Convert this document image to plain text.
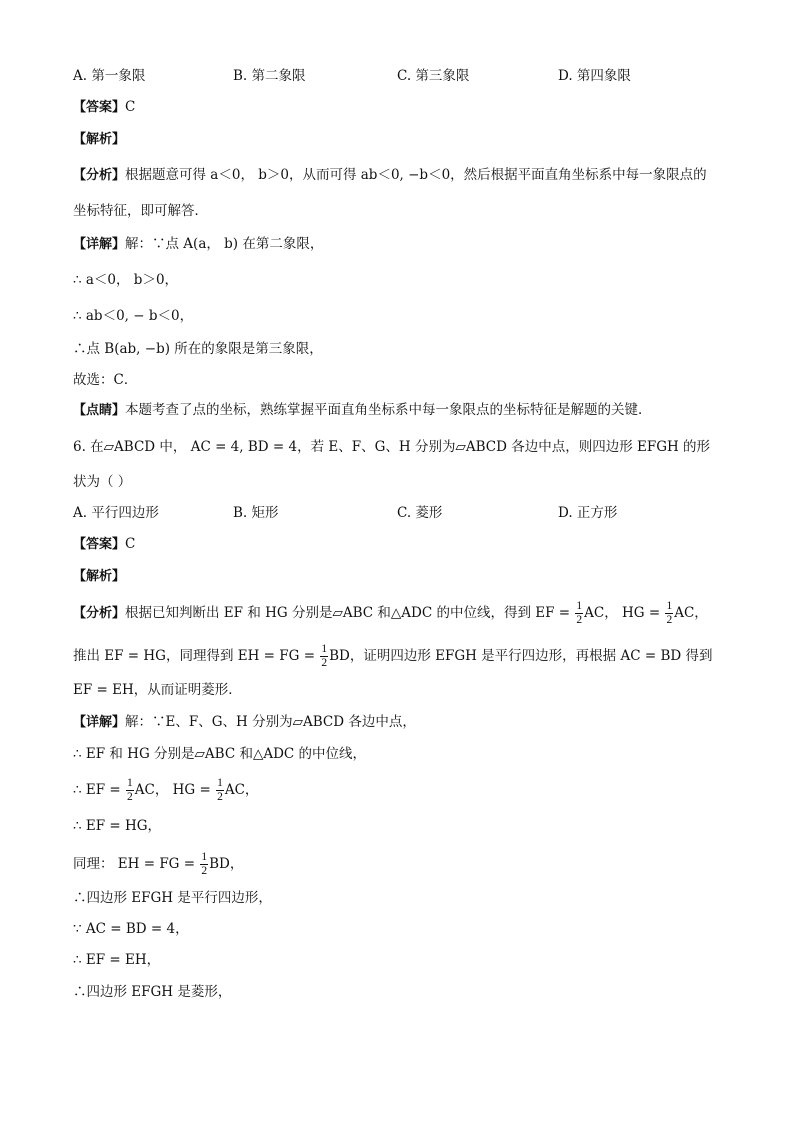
A. 第一象限	B. 第二象限	C. 第三象限	D. 第四象限
【答案】C
【解析】
【分析】根据题意可得 a＜0， b＞0，从而可得 ab＜0, −b＜0，然后根据平面直角坐标系中每一象限点的
坐标特征，即可解答．
【详解】解：∵点 A(a， b) 在第二象限，
∴ a＜0， b＞0，
∴ ab＜0, − b＜0，
∴点 B(ab, −b) 所在的象限是第三象限，
故选：C．
【点睛】本题考查了点的坐标，熟练掌握平面直角坐标系中每一象限点的坐标特征是解题的关键．
6. 在▱ABCD 中， AC = 4, BD = 4，若 E、F、G、H 分别为▱ABCD 各边中点，则四边形 EFGH 的形
状为（ ）
A. 平行四边形	B. 矩形	C. 菱形	D. 正方形
【答案】C
【解析】
【分析】根据已知判断出 EF 和 HG 分别是▱ABC 和△ADC 的中位线，得到 EF = $\frac{1}{2}$ AC， HG = $\frac{1}{2}$ AC，
推出 EF = HG，同理得到 EH = FG = $\frac{1}{2}$ BD，证明四边形 EFGH 是平行四边形，再根据 AC = BD 得到
EF = EH，从而证明菱形．
【详解】解：∵E、F、G、H 分别为▱ABCD 各边中点，
∴ EF 和 HG 分别是▱ABC 和△ADC 的中位线，
∴ EF = $\frac{1}{2}$ AC， HG = $\frac{1}{2}$ AC，
∴ EF = HG，
同理： EH = FG = $\frac{1}{2}$ BD，
∴四边形 EFGH 是平行四边形，
∵ AC = BD = 4，
∴ EF = EH，
∴四边形 EFGH 是菱形，
